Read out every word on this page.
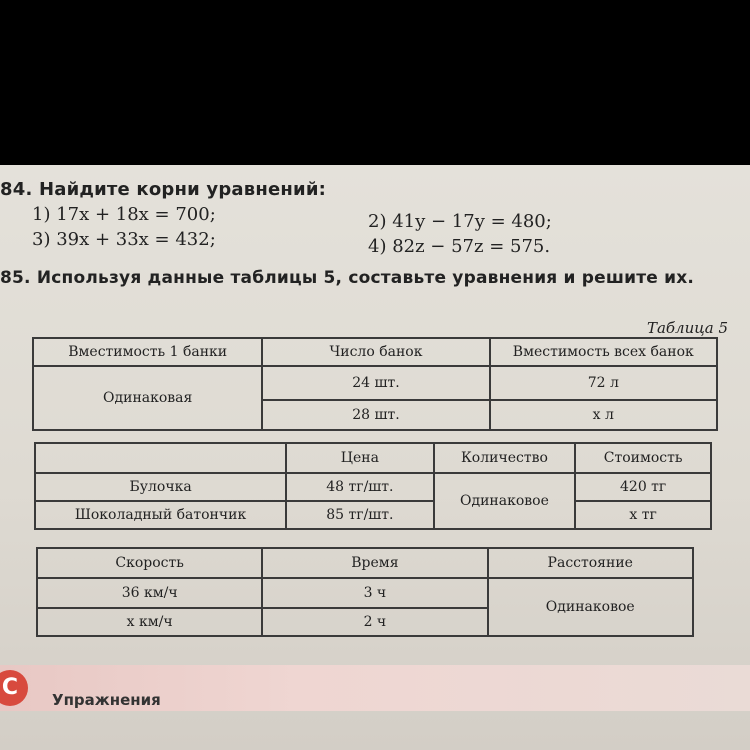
84. Найдите корни уравнений:
1) 17x + 18x = 700;	2) 41y − 17y = 480;
3) 39x + 33x = 432;	4) 82z − 57z = 575.
85. Используя данные таблицы 5, составьте уравнения и решите их.
Таблица 5
Вместимость 1 банки	Число банок	Вместимость всех банок
Одинаковая	24 шт.	72 л
	28 шт.	x л
	Цена	Количество	Стоимость
Булочка	48 тг/шт.	Одинаковое	420 тг
Шоколадный батончик	85 тг/шт.		x тг
Скорость	Время	Расстояние
36 км/ч	3 ч	Одинаковое
x км/ч	2 ч	
С	Упражнения
